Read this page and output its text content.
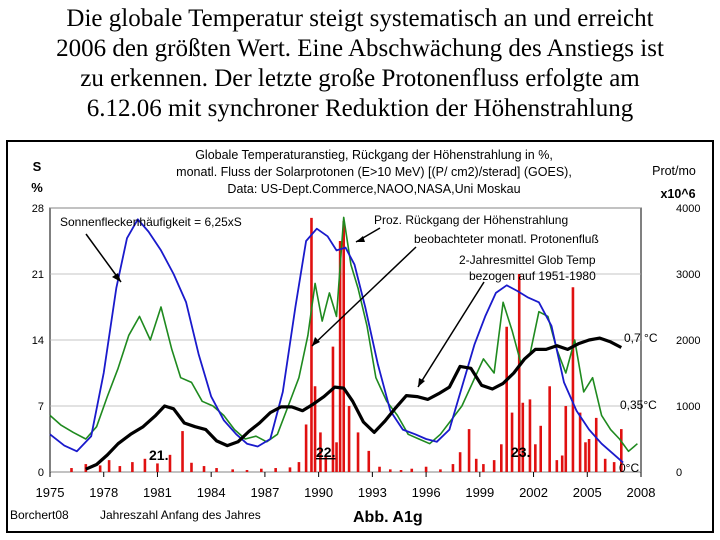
Die globale Temperatur steigt systematisch an und erreicht
2006 den größten Wert. Eine Abschwächung des Anstiegs ist
zu erkennen. Der letzte große Protonenfluss erfolgte am
6.12.06 mit synchroner Reduktion der Höhenstrahlung
0
7
14
21
28
0
1000
2000
3000
4000
1975 1978 1981 1984 1987 1990 1993 1996 1999 2002 2005 2008
Globale Temperaturanstieg, Rückgang der Höhenstrahlung in %,
monatl. Fluss der Solarprotonen (E>10 MeV) [(P/ cm2)/sterad] (GOES),
Data: US-Dept.Commerce,NAOO,NASA,Uni Moskau
S
%
Prot/mo
x10^6
Borchert08	Jahreszahl Anfang des Jahres	Abb. A1g
Sonnenfleckenhäufigkeit = 6,25xS	Proz. Rückgang der Höhenstrahlung
beobachteter monatl. Protonenfluß
2-Jahresmittel Glob Temp
bezogen auf 1951-1980
0°C
0,35°C
0,7 °C
21.	22.	23.
